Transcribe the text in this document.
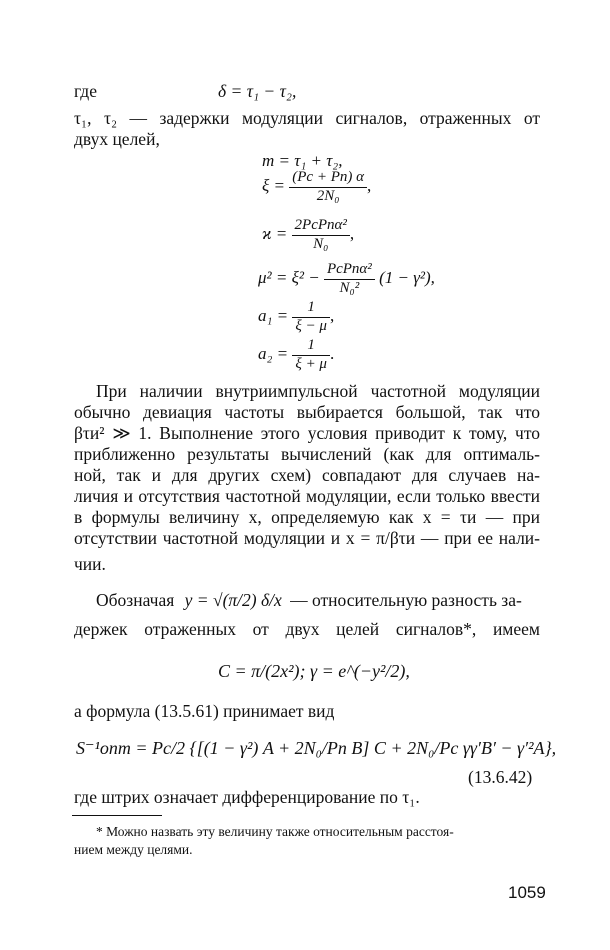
где	δ = τ₁ − τ₂,
τ₁, τ₂ — задержки модуляции сигналов, отраженных от
двух целей,
m = τ₁ + τ₂,
$\xi = \frac{(Pс + Pп) \alpha}{\text{2N₀}}$ ,
$ϰ = \frac{\text{2PсPпα²}}{\text{N₀}}$ ,
$\mu^2 = \xi^2 - \frac{\text{PсPпα²}}{\text{N₀²}} (1 - \gamma^2)$,
$a_1 = \frac{1}{\xi - \mu}$ ,
$a_2 = \frac{1}{\xi + \mu}$ .
При наличии внутриимпульсной частотной модуляции
обычно девиация частоты выбирается большой, так что
βτи² ≫ 1. Выполнение этого условия приводит к тому, что
приближенно результаты вычислений (как для оптималь-
ной, так и для других схем) совпадают для случаев на-
личия и отсутствия частотной модуляции, если только ввести
в формулы величину x, определяемую как x = τи — при
отсутствии частотной модуляции и x = π/βτи — при ее нали-
чии.
Обозначая y = √(π/2) δ/x — относительную разность за-
держек отраженных от двух целей сигналов*, имеем
C = π/(2x²); γ = e^(−y²/2),
а формула (13.5.61) принимает вид
S⁻¹опт = Pс/2 {[(1 − γ²) A + 2N₀/Pп B] C + 2N₀/Pс γγ′B′ − γ′²A},
(13.6.42)
где штрих означает дифференцирование по τ₁.
* Можно назвать эту величину также относительным расстоя-
нием между целями.
1059
